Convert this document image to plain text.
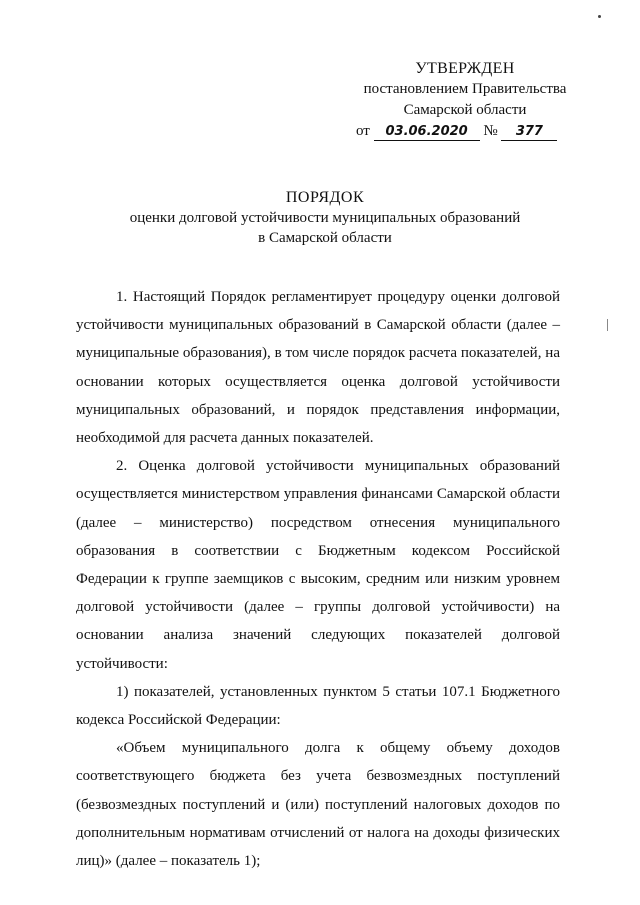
УТВЕРЖДЕН
постановлением Правительства
Самарской области
от 03.06.2020 № 377
ПОРЯДОК
оценки долговой устойчивости муниципальных образований
в Самарской области

1. Настоящий Порядок регламентирует процедуру оценки долговой устойчивости муниципальных образований в Самарской области (далее – муниципальные образования), в том числе порядок расчета показателей, на основании которых осуществляется оценка долговой устойчивости муниципальных образований, и порядок представления информации, необходимой для расчета данных показателей.

2. Оценка долговой устойчивости муниципальных образований осуществляется министерством управления финансами Самарской области (далее – министерство) посредством отнесения муниципального образования в соответствии с Бюджетным кодексом Российской Федерации к группе заемщиков с высоким, средним или низким уровнем долговой устойчивости (далее – группы долговой устойчивости) на основании анализа значений следующих показателей долговой устойчивости:

1) показателей, установленных пунктом 5 статьи 107.1 Бюджетного кодекса Российской Федерации:

«Объем муниципального долга к общему объему доходов соответствующего бюджета без учета безвозмездных поступлений (безвозмездных поступлений и (или) поступлений налоговых доходов по дополнительным нормативам отчислений от налога на доходы физических лиц)» (далее – показатель 1);
